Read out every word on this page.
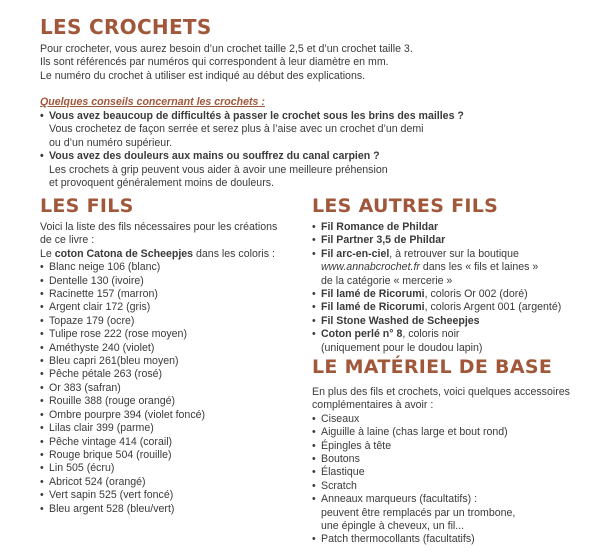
LES CROCHETS
Pour crocheter, vous aurez besoin d’un crochet taille 2,5 et d’un crochet taille 3.
Ils sont référencés par numéros qui correspondent à leur diamètre en mm.
Le numéro du crochet à utiliser est indiqué au début des explications.
Quelques conseils concernant les crochets :
• Vous avez beaucoup de difficultés à passer le crochet sous les brins des mailles ?
Vous crochetez de façon serrée et serez plus à l’aise avec un crochet d’un demi
ou d’un numéro supérieur.
• Vous avez des douleurs aux mains ou souffrez du canal carpien ?
Les crochets à grip peuvent vous aider à avoir une meilleure préhension
et provoquent généralement moins de douleurs.
LES FILS
Voici la liste des fils nécessaires pour les créations
de ce livre :
Le coton Catona de Scheepjes dans les coloris :
• Blanc neige 106 (blanc)
• Dentelle 130 (ivoire)
• Racinette 157 (marron)
• Argent clair 172 (gris)
• Topaze 179 (ocre)
• Tulipe rose 222 (rose moyen)
• Améthyste 240 (violet)
• Bleu capri 261(bleu moyen)
• Pêche pétale 263 (rosé)
• Or 383 (safran)
• Rouille 388 (rouge orangé)
• Ombre pourpre 394 (violet foncé)
• Lilas clair 399 (parme)
• Pêche vintage 414 (corail)
• Rouge brique 504 (rouille)
• Lin 505 (écru)
• Abricot 524 (orangé)
• Vert sapin 525 (vert foncé)
• Bleu argent 528 (bleu/vert)
LES AUTRES FILS
• Fil Romance de Phildar
• Fil Partner 3,5 de Phildar
• Fil arc-en-ciel, à retrouver sur la boutique
www.annabcrochet.fr dans les « fils et laines »
de la catégorie « mercerie »
• Fil lamé de Ricorumi, coloris Or 002 (doré)
• Fil lamé de Ricorumi, coloris Argent 001 (argenté)
• Fil Stone Washed de Scheepjes
• Coton perlé n° 8, coloris noir
(uniquement pour le doudou lapin)
LE MATÉRIEL DE BASE
En plus des fils et crochets, voici quelques accessoires
complémentaires à avoir :
• Ciseaux
• Aiguille à laine (chas large et bout rond)
• Épingles à tête
• Boutons
• Élastique
• Scratch
• Anneaux marqueurs (facultatifs) :
peuvent être remplacés par un trombone,
une épingle à cheveux, un fil...
• Patch thermocollants (facultatifs)
